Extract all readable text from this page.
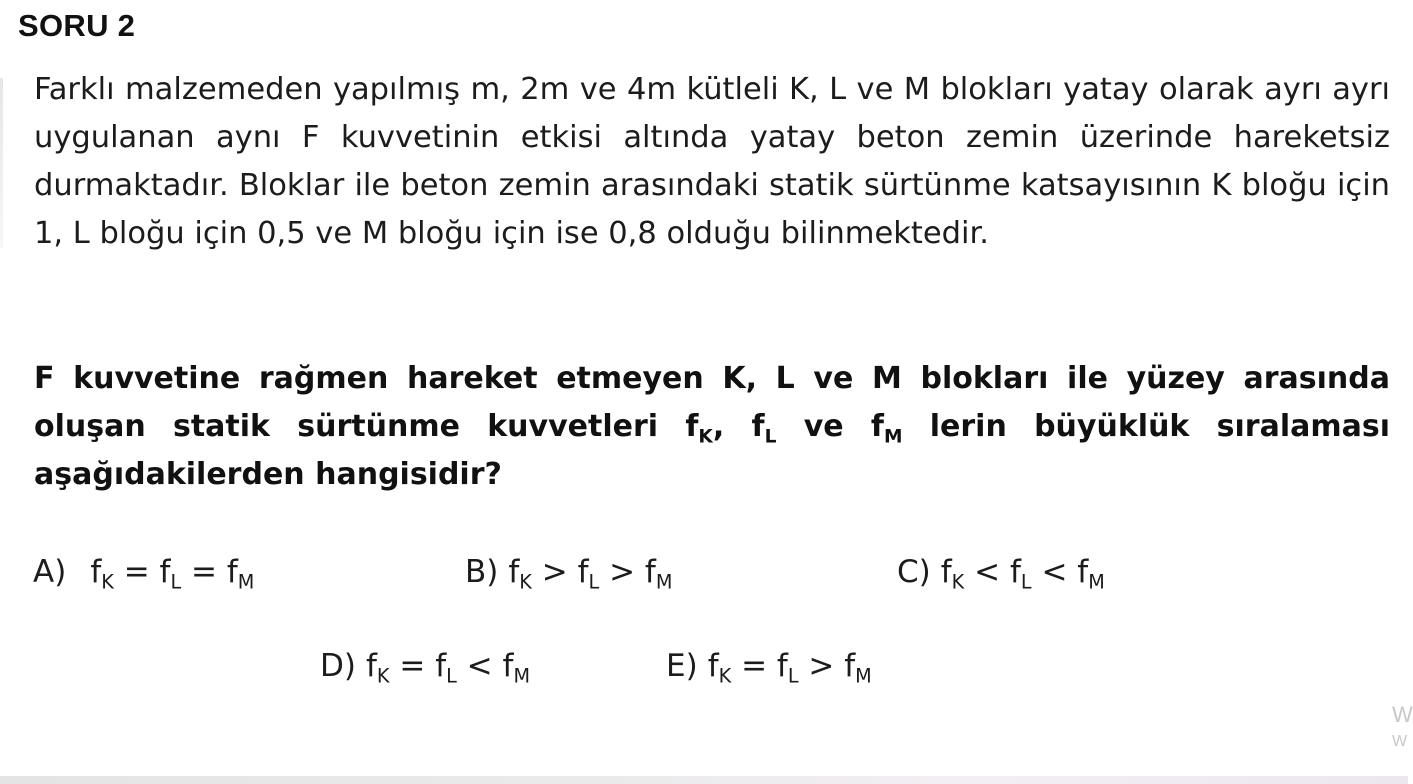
SORU 2
Farklı malzemeden yapılmış m, 2m ve 4m kütleli K, L ve M blokları yatay olarak ayrı ayrı uygulanan aynı F kuvvetinin etkisi altında yatay beton zemin üzerinde hareketsiz durmaktadır. Bloklar ile beton zemin arasındaki statik sürtünme katsayısının K bloğu için 1, L bloğu için 0,5 ve M bloğu için ise 0,8 olduğu bilinmektedir.
F kuvvetine rağmen hareket etmeyen K, L ve M blokları ile yüzey arasında oluşan statik sürtünme kuvvetleri $f_K$, $f_L$ ve $f_M$ lerin büyüklük sıralaması aşağıdakilerden hangisidir?
A) $f_K = f_L = f_M$	B) $f_K > f_L > f_M$	C) $f_K < f_L < f_M$
D) $f_K = f_L < f_M$	E) $f_K = f_L > f_M$
W
W
